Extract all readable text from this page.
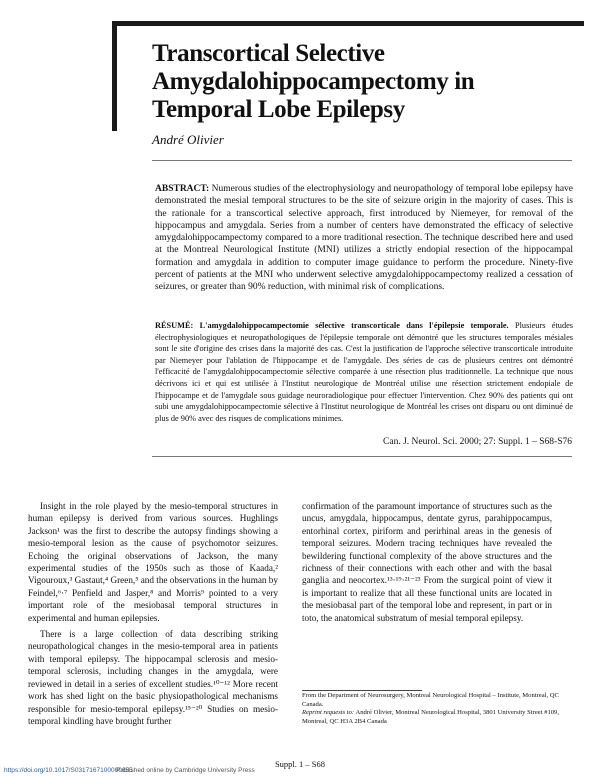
Transcortical Selective
Amygdalohippocampectomy in
Temporal Lobe Epilepsy
André Olivier

ABSTRACT: Numerous studies of the electrophysiology and neuropathology of temporal lobe epilepsy have demonstrated the mesial temporal structures to be the site of seizure origin in the majority of cases. This is the rationale for a transcortical selective approach, first introduced by Niemeyer, for removal of the hippocampus and amygdala. Series from a number of centers have demonstrated the efficacy of selective amygdalohippocampectomy compared to a more traditional resection. The technique described here and used at the Montreal Neurological Institute (MNI) utilizes a strictly endopial resection of the hippocampal formation and amygdala in addition to computer image guidance to perform the procedure. Ninety-five percent of patients at the MNI who underwent selective amygdalohippocampectomy realized a cessation of seizures, or greater than 90% reduction, with minimal risk of complications.

RÉSUMÉ: L'amygdalohippocampectomie sélective transcorticale dans l'épilepsie temporale. Plusieurs études électrophysiologiques et neuropathologiques de l'épilepsie temporale ont démontré que les structures temporales mésiales sont le site d'origine des crises dans la majorité des cas. C'est la justification de l'approche sélective transcorticale introduite par Niemeyer pour l'ablation de l'hippocampe et de l'amygdale. Des séries de cas de plusieurs centres ont démontré l'efficacité de l'amygdalohippocampectomie sélective comparée à une résection plus traditionnelle. La technique que nous décrivons ici et qui est utilisée à l'Institut neurologique de Montréal utilise une résection strictement endopiale de l'hippocampe et de l'amygdale sous guidage neuroradiologique pour effectuer l'intervention. Chez 90% des patients qui ont subi une amygdalohippocampectomie sélective à l'Institut neurologique de Montréal les crises ont disparu ou ont diminué de plus de 90% avec des risques de complications minimes.

Can. J. Neurol. Sci. 2000; 27: Suppl. 1 – S68-S76

Insight in the role played by the mesio-temporal structures in human epilepsy is derived from various sources. Hughlings Jackson¹ was the first to describe the autopsy findings showing a mesio-temporal lesion as the cause of psychomotor seizures. Echoing the original observations of Jackson, the many experimental studies of the 1950s such as those of Kaada,² Vigouroux,³ Gastaut,⁴ Green,⁵ and the observations in the human by Feindel,⁶·⁷ Penfield and Jasper,⁸ and Morris⁹ pointed to a very important role of the mesiobasal temporal structures in experimental and human epilepsies.

There is a large collection of data describing striking neuropathological changes in the mesio-temporal area in patients with temporal epilepsy. The hippocampal sclerosis and mesio-temporal sclerosis, including changes in the amygdala, were reviewed in detail in a series of excellent studies.¹⁰⁻¹² More recent work has shed light on the basic physiopathological mechanisms responsible for mesio-temporal epilepsy.¹⁵⁻²⁰ Studies on mesio-temporal kindling have brought further

confirmation of the paramount importance of structures such as the uncus, amygdala, hippocampus, dentate gyrus, parahippocampus, entorhinal cortex, piriform and perirhinal areas in the genesis of temporal seizures. Modern tracing techniques have revealed the bewildering functional complexity of the above structures and the richness of their connections with each other and with the basal ganglia and neocortex.¹³·¹⁹·²¹⁻²³ From the surgical point of view it is important to realize that all these functional units are located in the mesiobasal part of the temporal lobe and represent, in part or in toto, the anatomical substratum of mesial temporal epilepsy.

From the Department of Neurosurgery, Montreal Neurological Hospital – Institute, Montreal, QC Canada.
Reprint requests to: André Olivier, Montreal Neurological Hospital, 3801 University Street #109, Montreal, QC H3A 2B4 Canada
Suppl. 1 – S68
https://doi.org/10.1017/S0317167100000655
Published online by Cambridge University Press
